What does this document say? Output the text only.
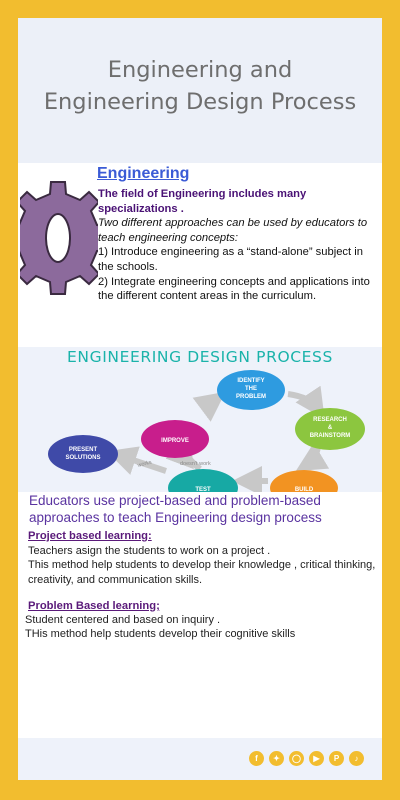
Engineering and
Engineering Design Process
Engineering
The field of Engineering includes many specializations .
Two different approaches can be used by educators to teach engineering concepts:
1) Introduce engineering as a “stand-alone” subject in the schools.
2) Integrate engineering concepts and applications into the different content areas in the curriculum.
ENGINEERING DESIGN PROCESS
IDENTIFY
THE
PROBLEM
RESEARCH
&
BRAINSTORM
BUILD
TEST
IMPROVE
PRESENT
SOLUTIONS
works	doesn't work
Educators use project-based and problem-based approaches to teach Engineering design process
Project based learning:
Teachers asign the students to work on a project .
This method help students to develop their knowledge , critical thinking, creativity, and communication skills.
Problem Based learning;
Student centered and based on inquiry .
THis method help students develop their cognitive skills
f	✦	◯	▶	P	♪
